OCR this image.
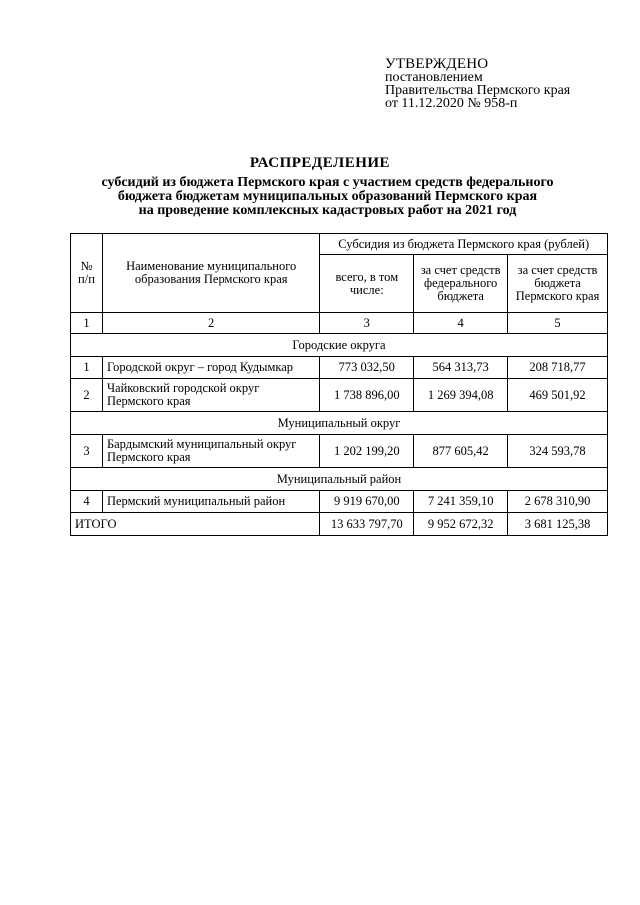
УТВЕРЖДЕНО
постановлением
Правительства Пермского края
от 11.12.2020 № 958-п
РАСПРЕДЕЛЕНИЕ
субсидий из бюджета Пермского края с участием средств федерального
бюджета бюджетам муниципальных образований Пермского края
на проведение комплексных кадастровых работ на 2021 год
№ п/п	Наименование муниципального образования Пермского края	Субсидия из бюджета Пермского края (рублей)		
		всего, в том числе:	за счет средств федерального бюджета	за счет средств бюджета Пермского края
1	2	3	4	5
Городские округа				
1	Городской округ – город Кудымкар	773 032,50	564 313,73	208 718,77
2	Чайковский городской округ Пермского края	1 738 896,00	1 269 394,08	469 501,92
Муниципальный округ				
3	Бардымский муниципальный округ Пермского края	1 202 199,20	877 605,42	324 593,78
Муниципальный район				
4	Пермский муниципальный район	9 919 670,00	7 241 359,10	2 678 310,90
ИТОГО		13 633 797,70	9 952 672,32	3 681 125,38
